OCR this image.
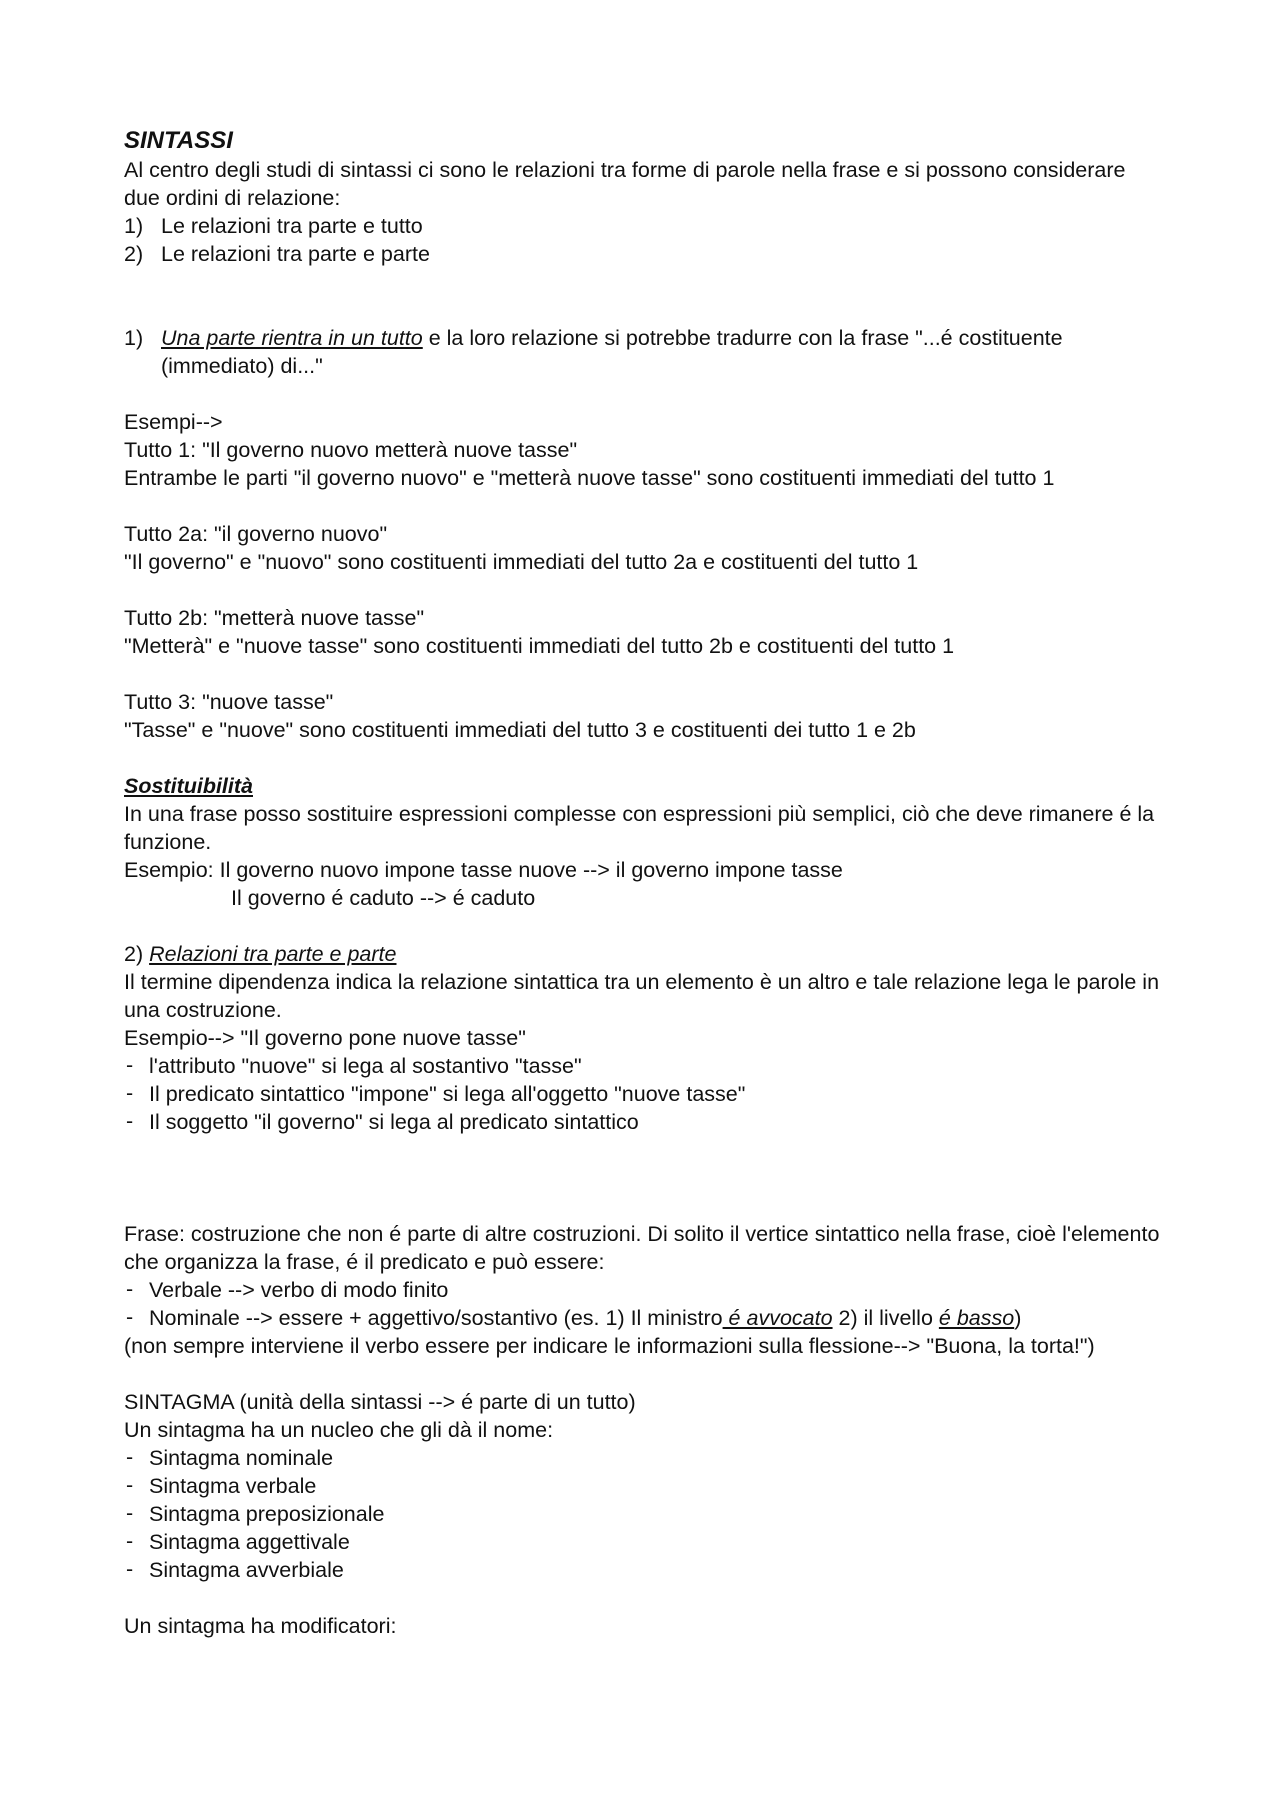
SINTASSI

Al centro degli studi di sintassi ci sono le relazioni tra forme di parole nella frase e si possono considerare due ordini di relazione:

1) Le relazioni tra parte e tutto
2) Le relazioni tra parte e parte
1) Una parte rientra in un tutto e la loro relazione si potrebbe tradurre con la frase "...é costituente (immediato) di..."

Esempi-->

Tutto 1: "Il governo nuovo metterà nuove tasse"

Entrambe le parti "il governo nuovo" e "metterà nuove tasse" sono costituenti immediati del tutto 1

Tutto 2a: "il governo nuovo"

"Il governo" e "nuovo" sono costituenti immediati del tutto 2a e costituenti del tutto 1

Tutto 2b: "metterà nuove tasse"

"Metterà" e "nuove tasse" sono costituenti immediati del tutto 2b e costituenti del tutto 1

Tutto 3: "nuove tasse"

"Tasse" e "nuove" sono costituenti immediati del tutto 3 e costituenti dei tutto 1 e 2b

Sostituibilità

In una frase posso sostituire espressioni complesse con espressioni più semplici, ciò che deve rimanere é la funzione.

Esempio: Il governo nuovo impone tasse nuove --> il governo impone tasse

Il governo é caduto --> é caduto

2) Relazioni tra parte e parte

Il termine dipendenza indica la relazione sintattica tra un elemento è un altro e tale relazione lega le parole in una costruzione.

Esempio--> "Il governo pone nuove tasse"

- l'attributo "nuove" si lega al sostantivo "tasse"
- Il predicato sintattico "impone" si lega all'oggetto "nuove tasse"
- Il soggetto "il governo" si lega al predicato sintattico

Frase: costruzione che non é parte di altre costruzioni. Di solito il vertice sintattico nella frase, cioè l'elemento che organizza la frase, é il predicato e può essere:

- Verbale --> verbo di modo finito
- Nominale --> essere + aggettivo/sostantivo (es. 1) Il ministro é avvocato 2) il livello é basso)

(non sempre interviene il verbo essere per indicare le informazioni sulla flessione--> "Buona, la torta!")

SINTAGMA (unità della sintassi --> é parte di un tutto)

Un sintagma ha un nucleo che gli dà il nome:

- Sintagma nominale
- Sintagma verbale
- Sintagma preposizionale
- Sintagma aggettivale
- Sintagma avverbiale

Un sintagma ha modificatori:
